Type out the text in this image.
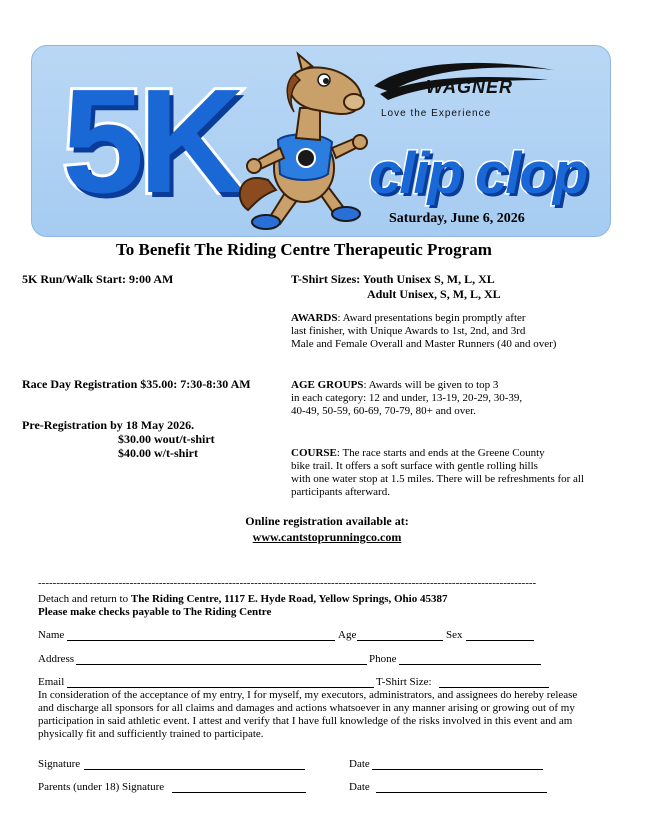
5K	WAGNER
Love the Experience
clip clop
Saturday, June 6, 2026
To Benefit The Riding Centre Therapeutic Program
5K Run/Walk Start: 9:00 AM
Race Day Registration $35.00: 7:30-8:30 AM
Pre-Registration by 18 May 2026.
$30.00 wout/t-shirt
$40.00 w/t-shirt
T-Shirt Sizes: Youth Unisex S, M, L, XL
Adult Unisex, S, M, L, XL
AWARDS: Award presentations begin promptly after
last finisher, with Unique Awards to 1st, 2nd, and 3rd
Male and Female Overall and Master Runners (40 and over)
AGE GROUPS: Awards will be given to top 3
in each category: 12 and under, 13-19, 20-29, 30-39,
40-49, 50-59, 60-69, 70-79, 80+ and over.
COURSE: The race starts and ends at the Greene County
bike trail. It offers a soft surface with gentle rolling hills
with one water stop at 1.5 miles. There will be refreshments for all
participants afterward.
Online registration available at:
www.cantstoprunningco.com
----------------------------------------------------------------------------------------------------------------------------------------
Detach and return to The Riding Centre, 1117 E. Hyde Road, Yellow Springs, Ohio 45387
Please make checks payable to The Riding Centre
Name	Age	Sex
Address	Phone
Email	T-Shirt Size:
In consideration of the acceptance of my entry, I for myself, my executors, administrators, and assignees do hereby release
and discharge all sponsors for all claims and damages and actions whatsoever in any manner arising or growing out of my
participation in said athletic event. I attest and verify that I have full knowledge of the risks involved in this event and am
physically fit and sufficiently trained to participate.
Signature	Date
Parents (under 18) Signature	Date
